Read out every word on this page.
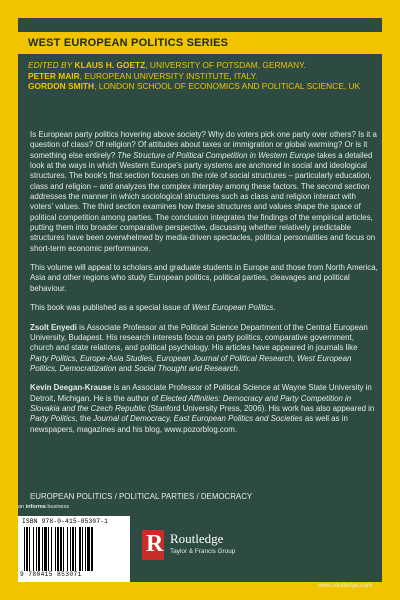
WEST EUROPEAN POLITICS SERIES
EDITED BY KLAUS H. GOETZ, UNIVERSITY OF POTSDAM, GERMANY.
PETER MAIR, EUROPEAN UNIVERSITY INSTITUTE, ITALY.
GORDON SMITH, LONDON SCHOOL OF ECONOMICS AND POLITICAL SCIENCE, UK

Is European party politics hovering above society? Why do voters pick one party over others? Is it a question of class? Of religion? Of attitudes about taxes or immigration or global warming? Or is it something else entirely? The Structure of Political Competition in Western Europe takes a detailed look at the ways in which Western Europe's party systems are anchored in social and ideological structures. The book's first section focuses on the role of social structures – particularly education, class and religion – and analyzes the complex interplay among these factors. The second section addresses the manner in which sociological structures such as class and religion interact with voters' values. The third section examines how these structures and values shape the space of political competition among parties. The conclusion integrates the findings of the empirical articles, putting them into broader comparative perspective, discussing whether relatively predictable structures have been overwhelmed by media-driven spectacles, political personalities and focus on short-term economic performance.

This volume will appeal to scholars and graduate students in Europe and those from North America, Asia and other regions who study European politics, political parties, cleavages and political behaviour.

This book was published as a special issue of West European Politics.

Zsolt Enyedi is Associate Professor at the Political Science Department of the Central European University, Budapest. His research interests focus on party politics, comparative government, church and state relations, and political psychology. His articles have appeared in journals like Party Politics, Europe-Asia Studies, European Journal of Political Research, West European Politics, Democratization and Social Thought and Research.

Kevin Deegan-Krause is an Associate Professor of Political Science at Wayne State University in Detroit, Michigan. He is the author of Elected Affinities: Democracy and Party Competition in Slovakia and the Czech Republic (Stanford University Press, 2006). His work has also appeared in Party Politics, the Journal of Democracy, East European Politics and Societies as well as in newspapers, magazines and his blog, www.pozorblog.com.

EUROPEAN POLITICS / POLITICAL PARTIES / DEMOCRACY
an informa business
ISBN 978-0-415-85307-1
9 780415 853071
R Routledge
Taylor & Francis Group
www.routledge.com
